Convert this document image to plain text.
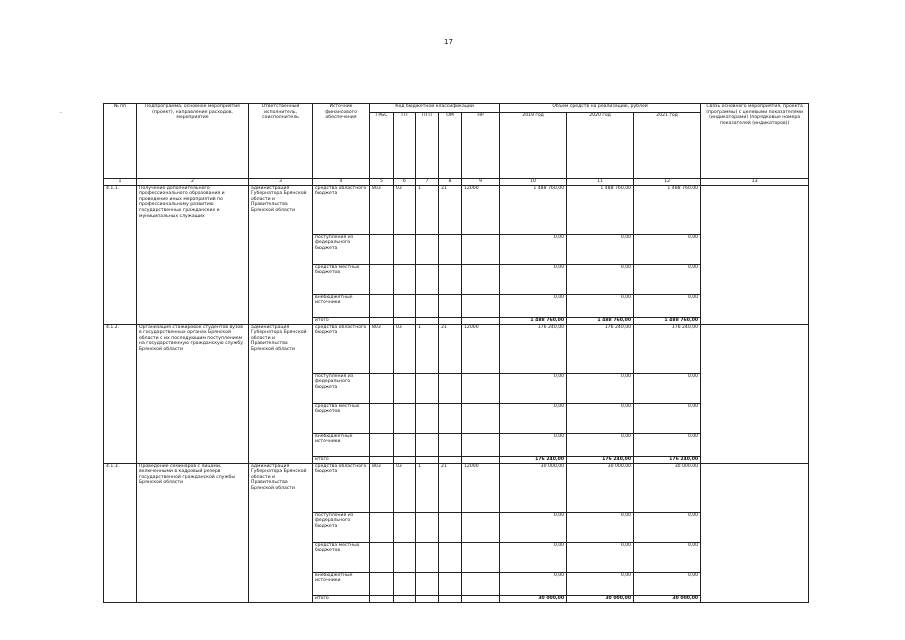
17
·
№ пп	Подпрограмма, основное мероприятие (проект), направление расходов, мероприятие	Ответственный исполнитель, соисполнитель	Источник финансового обеспечения	Код бюджетной классификации					Объем средств на реализацию, рублей			Связь основного мероприятия, проекта (программы) с целевыми показателями (индикаторами) (порядковые номера показателей (индикаторов))
				ГРБС	ГП	ПГП	ОМ	НР	2019 год	2020 год	2021 год	
1	2	3	4	5	6	7	8	9	10	11	12	13
4.1.1.	Получение дополнительного профессионального образования и проведение иных мероприятий по профессиональному развитию государственных гражданских и муниципальных служащих	администрация Губернатора Брянской области и Правительства Брянской области	средства областного бюджета	803	03	1	21	12000	1 488 760,00	1 488 760,00	1 488 760,00	
			поступления из федерального бюджета						0,00	0,00	0,00	
			средства местных бюджетов						0,00	0,00	0,00	
			внебюджетные источники						0,00	0,00	0,00	
			итого						1 488 760,00	1 488 760,00	1 488 760,00	
4.1.2.	Организация стажировок студентов вузов в государственных органах Брянской области с их последующим поступлением на государственную гражданскую службу Брянской области	администрация Губернатора Брянской области и Правительства Брянской области	средства областного бюджета	803	03	1	21	12000	176 240,00	176 240,00	176 240,00	
			поступления из федерального бюджета						0,00	0,00	0,00	
			средства местных бюджетов						0,00	0,00	0,00	
			внебюджетные источники						0,00	0,00	0,00	
			итого						176 240,00	176 240,00	176 240,00	
4.1.3.	Проведение семинаров с лицами, включенными в кадровый резерв государственной гражданской службы Брянской области	администрация Губернатора Брянской области и Правительства Брянской области	средства областного бюджета	803	03	1	21	12000	30 000,00	30 000,00	30 000,00	
			поступления из федерального бюджета						0,00	0,00	0,00	
			средства местных бюджетов						0,00	0,00	0,00	
			внебюджетные источники						0,00	0,00	0,00	
			итого						30 000,00	30 000,00	30 000,00	
